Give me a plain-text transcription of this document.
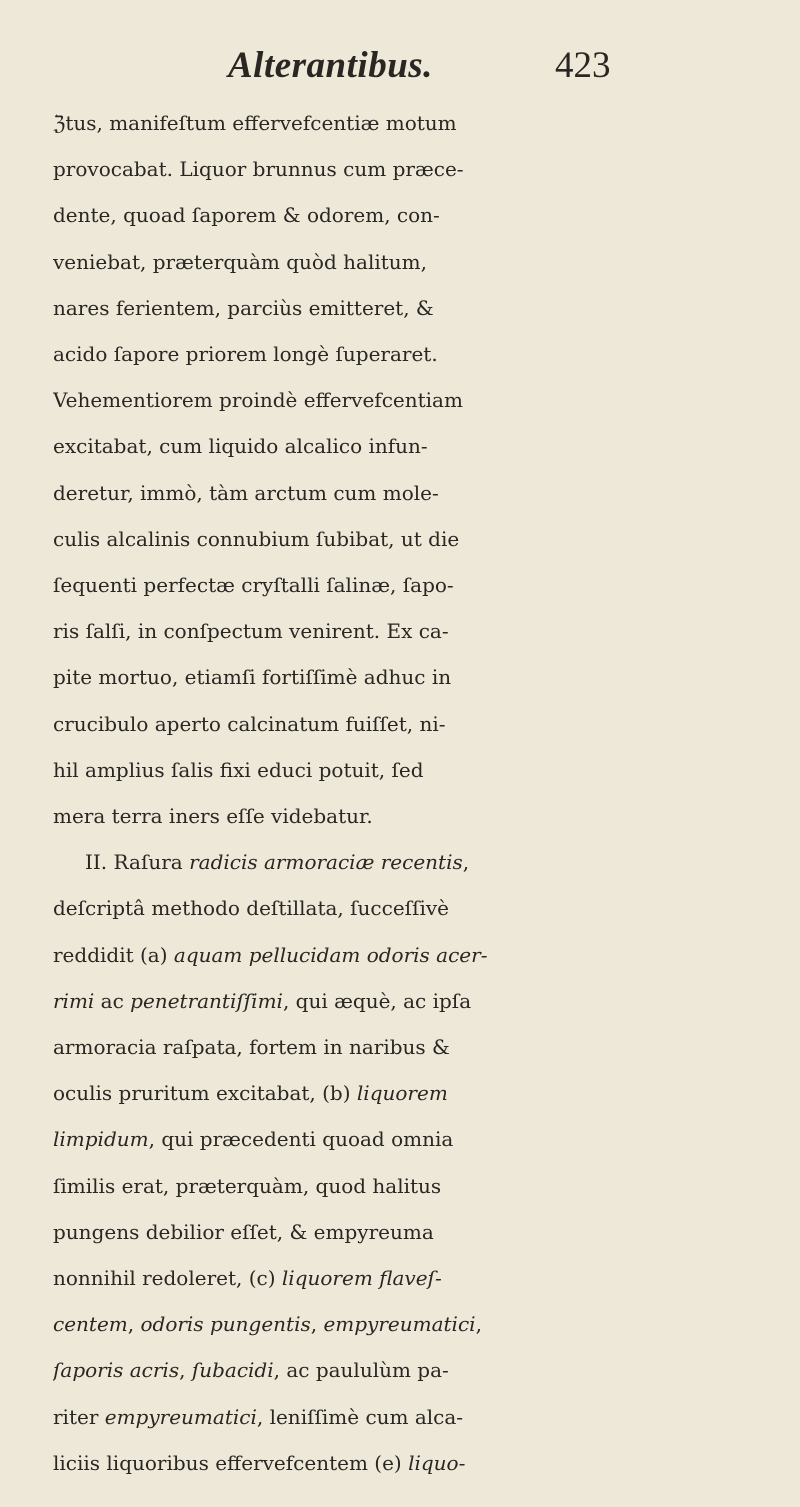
Alterantibus.	423
ℨtus, manifeſtum effervefcentiæ motum
provocabat. Liquor brunnus cum præce-
dente, quoad ſaporem & odorem, con-
veniebat, præterquàm quòd halitum,
nares ferientem, parciùs emitteret, &
acido ſapore priorem longè ſuperaret.
Vehementiorem proindè effervefcentiam
excitabat, cum liquido alcalico infun-
deretur, immò, tàm arctum cum mole-
culis alcalinis connubium ſubibat, ut die
ſequenti perfectæ cryſtalli ſalinæ, ſapo-
ris ſalſi, in conſpectum venirent. Ex ca-
pite mortuo, etiamſi fortiſſimè adhuc in
crucibulo aperto calcinatum fuiſſet, ni-
hil amplius ſalis fixi educi potuit, ſed
mera terra iners eſſe videbatur.
II. Raſura radicis armoraciæ recentis,
deſcriptâ methodo deſtillata, ſucceſſivè
reddidit (a) aquam pellucidam odoris acer-
rimi ac penetrantiſſimi, qui æquè, ac ipſa
armoracia raſpata, fortem in naribus &
oculis pruritum excitabat, (b) liquorem
limpidum, qui præcedenti quoad omnia
ſimilis erat, præterquàm, quod halitus
pungens debilior eſſet, & empyreuma
nonnihil redoleret, (c) liquorem flaveſ-
centem, odoris pungentis, empyreumatici,
ſaporis acris, ſubacidi, ac paululùm pa-
riter empyreumatici, leniſſimè cum alca-
liciis liquoribus effervefcentem (e) liquo-
